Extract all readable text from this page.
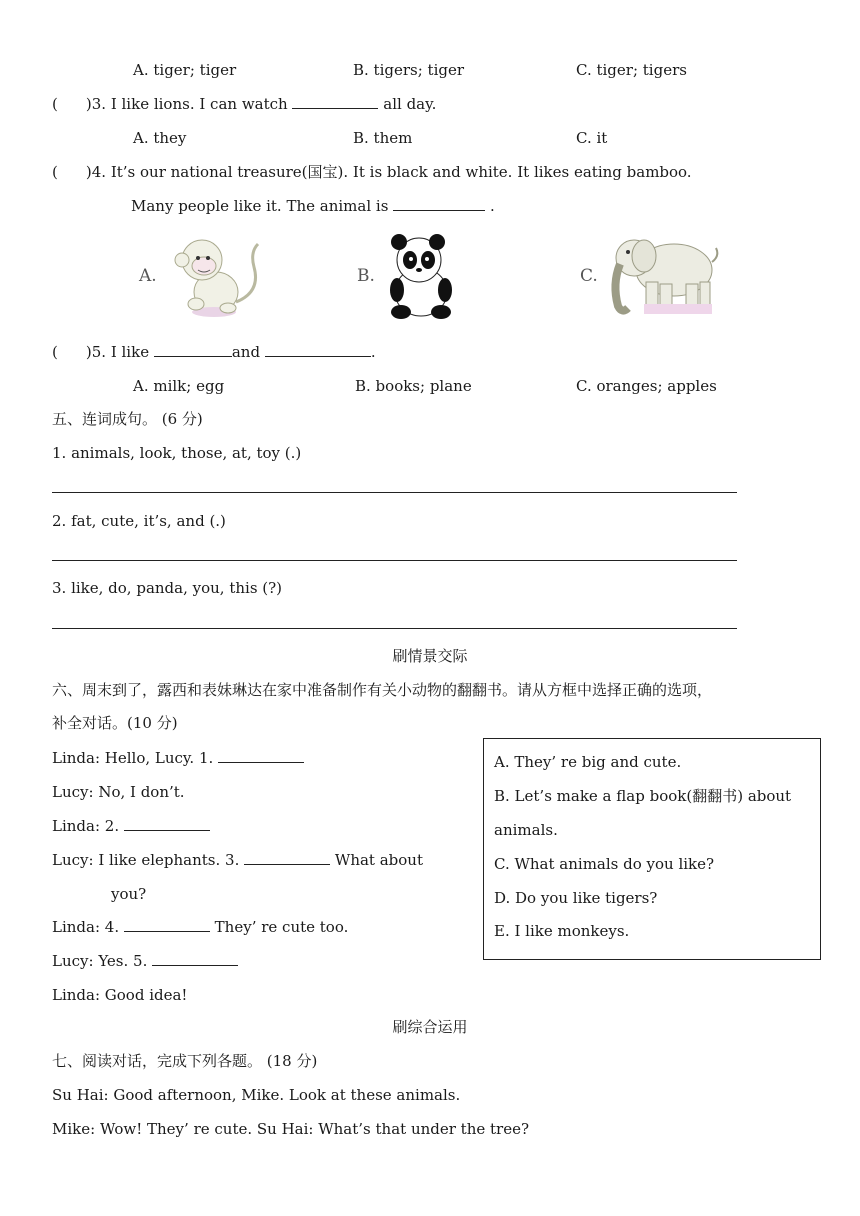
A. tiger; tiger	B. tigers; tiger	C. tiger; tigers
( )3. I like lions. I can watch	all day.
A. they	B. them	C. it
( )4. It’s our national treasure(国宝). It is black and white. It likes eating bamboo.
Many people like it. The animal is	.
A.	B.	C.
( )5. I like	and	.
A. milk; egg	B. books; plane	C. oranges; apples
五、连词成句。 (6 分)
1. animals, look, those, at, toy (.)
2. fat, cute, it’s, and (.)
3. like, do, panda, you, this (?)
刷情景交际
六、周末到了，露西和表妹琳达在家中准备制作有关小动物的翻翻书。请从方框中选择正确的选项，
补全对话。(10 分)
Linda: Hello, Lucy. 1.
Lucy: No, I don’t.
Linda: 2.
Lucy: I like elephants. 3.	What about
you?
Linda: 4.	They’ re cute too.
Lucy: Yes. 5.
Linda: Good idea!
A. They’ re big and cute.
B. Let’s make a flap book(翻翻书) about
animals.
C. What animals do you like?
D. Do you like tigers?
E. I like monkeys.
刷综合运用
七、阅读对话，完成下列各题。 (18 分)
Su Hai: Good afternoon, Mike. Look at these animals.
Mike: Wow! They’ re cute. Su Hai: What’s that under the tree?
